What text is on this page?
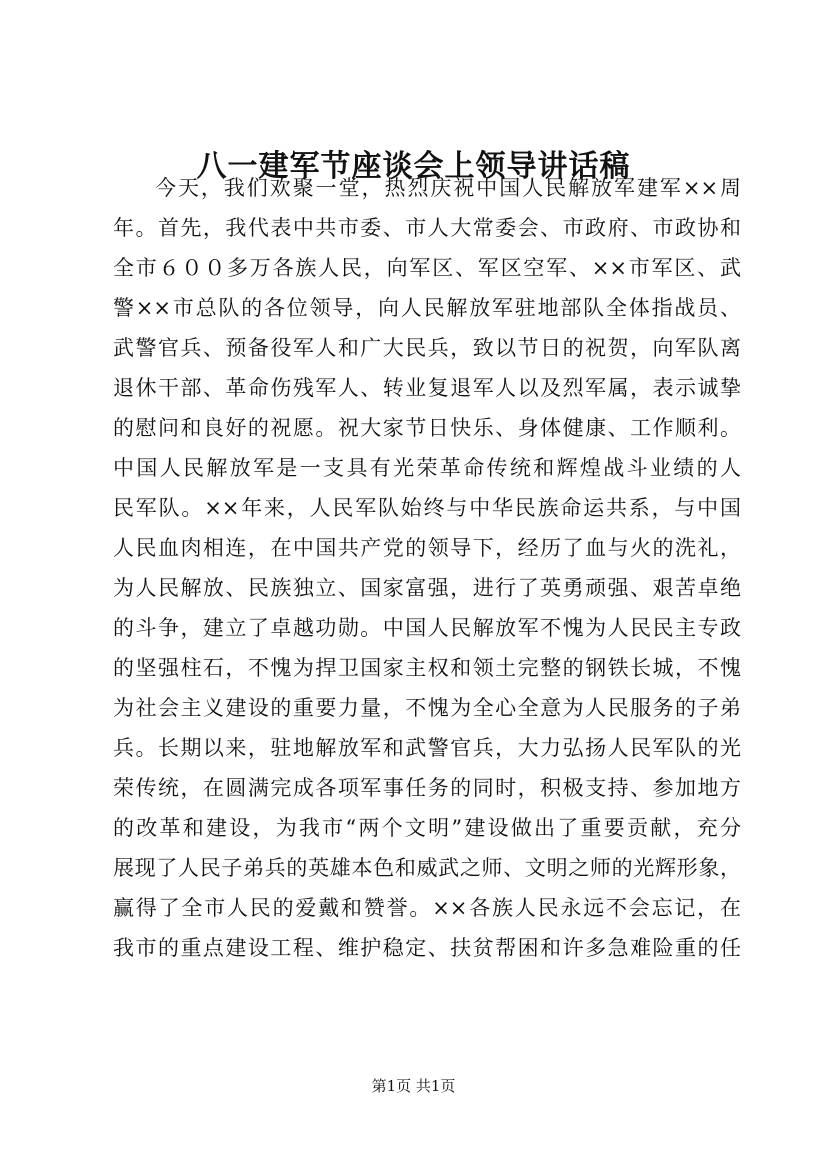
八一建军节座谈会上领导讲话稿
今天，我们欢聚一堂，热烈庆祝中国人民解放军建军××周
年。首先，我代表中共市委、市人大常委会、市政府、市政协和
全市６００多万各族人民，向军区、军区空军、××市军区、武
警××市总队的各位领导，向人民解放军驻地部队全体指战员、
武警官兵、预备役军人和广大民兵，致以节日的祝贺，向军队离
退休干部、革命伤残军人、转业复退军人以及烈军属，表示诚挚
的慰问和良好的祝愿。祝大家节日快乐、身体健康、工作顺利。
中国人民解放军是一支具有光荣革命传统和辉煌战斗业绩的人
民军队。××年来，人民军队始终与中华民族命运共系，与中国
人民血肉相连，在中国共产党的领导下，经历了血与火的洗礼，
为人民解放、民族独立、国家富强，进行了英勇顽强、艰苦卓绝
的斗争，建立了卓越功勋。中国人民解放军不愧为人民民主专政
的坚强柱石，不愧为捍卫国家主权和领土完整的钢铁长城，不愧
为社会主义建设的重要力量，不愧为全心全意为人民服务的子弟
兵。长期以来，驻地解放军和武警官兵，大力弘扬人民军队的光
荣传统，在圆满完成各项军事任务的同时，积极支持、参加地方
的改革和建设，为我市“两个文明”建设做出了重要贡献，充分
展现了人民子弟兵的英雄本色和威武之师、文明之师的光辉形象，
赢得了全市人民的爱戴和赞誉。××各族人民永远不会忘记，在
我市的重点建设工程、维护稳定、扶贫帮困和许多急难险重的任
第1页 共1页
